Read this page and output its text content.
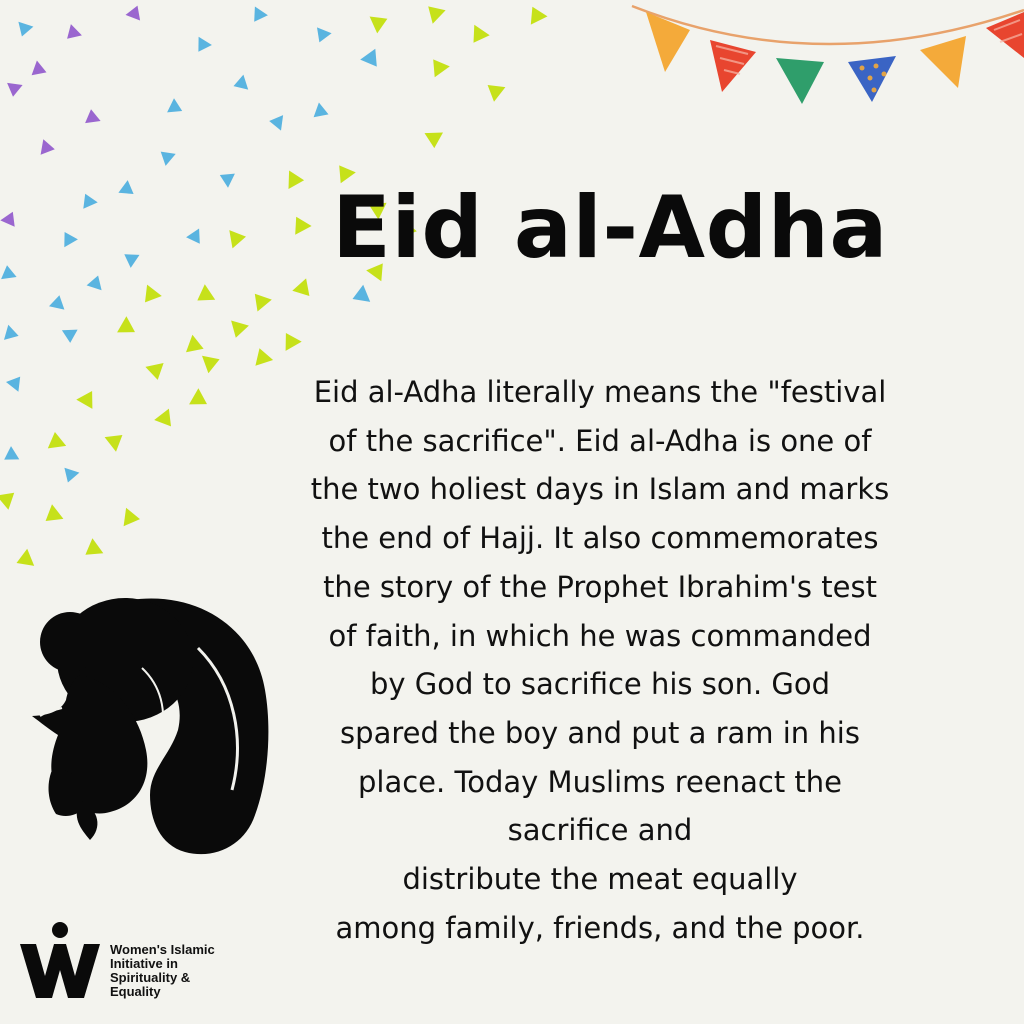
Eid al-Adha

Eid al-Adha literally means the "festival
of the sacrifice". Eid al-Adha is one of
the two holiest days in Islam and marks
the end of Hajj. It also commemorates
the story of the Prophet Ibrahim's test
of faith, in which he was commanded
by God to sacrifice his son. God
spared the boy and put a ram in his
place. Today Muslims reenact the
sacrifice and
distribute the meat equally
among family, friends, and the poor.

Women's Islamic
Initiative in
Spirituality &
Equality
